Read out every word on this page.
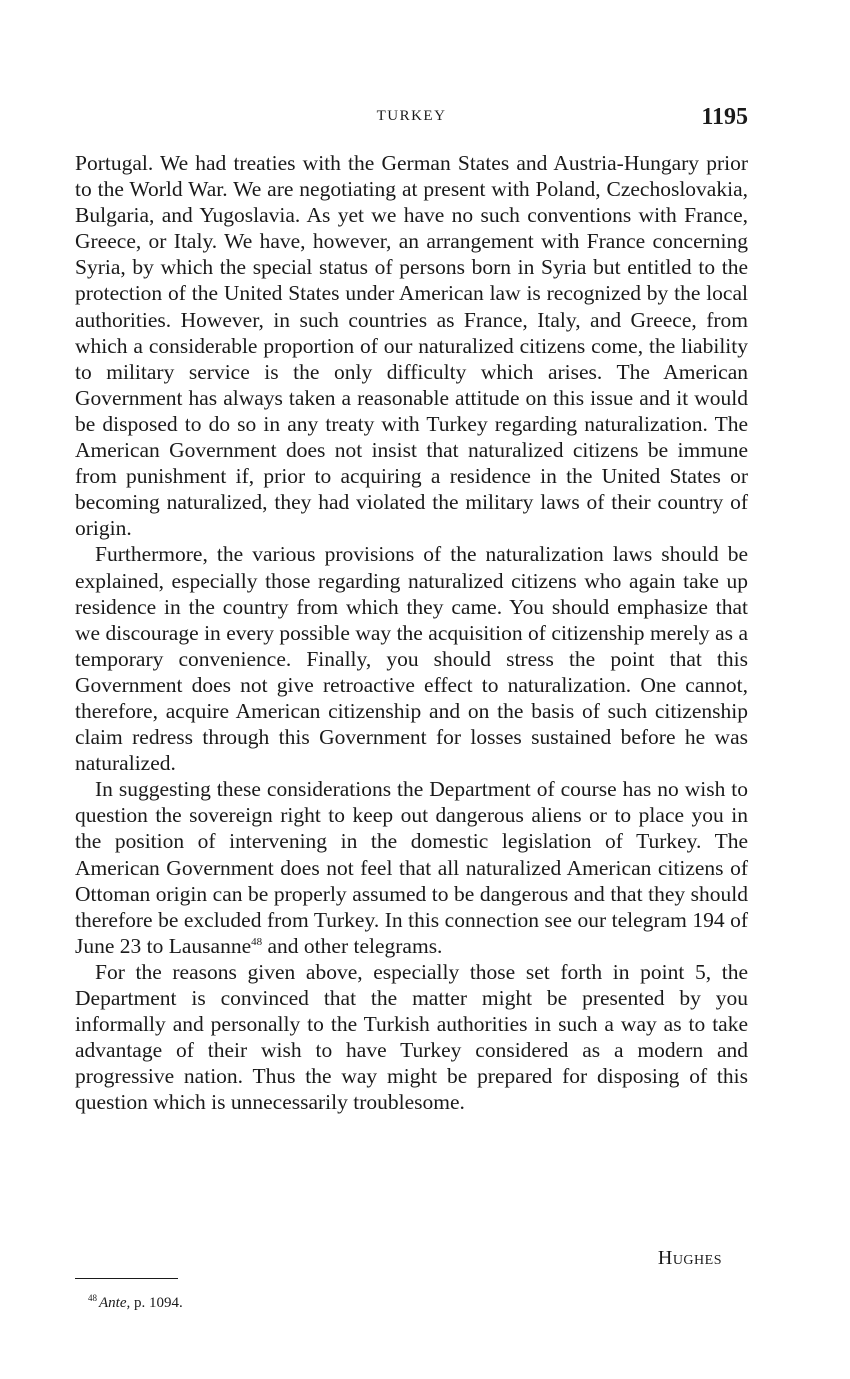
TURKEY	1195

Portugal. We had treaties with the German States and Austria-Hungary prior to the World War. We are negotiating at present with Poland, Czechoslovakia, Bulgaria, and Yugoslavia. As yet we have no such conventions with France, Greece, or Italy. We have, however, an arrangement with France concerning Syria, by which the special status of persons born in Syria but entitled to the protection of the United States under American law is recognized by the local authorities. However, in such countries as France, Italy, and Greece, from which a considerable proportion of our naturalized citizens come, the liability to military service is the only difficulty which arises. The American Government has always taken a reasonable attitude on this issue and it would be disposed to do so in any treaty with Turkey regarding naturalization. The American Government does not insist that naturalized citizens be immune from punishment if, prior to acquiring a residence in the United States or becoming naturalized, they had violated the military laws of their country of origin.

Furthermore, the various provisions of the naturalization laws should be explained, especially those regarding naturalized citizens who again take up residence in the country from which they came. You should emphasize that we discourage in every possible way the acquisition of citizenship merely as a temporary convenience. Finally, you should stress the point that this Government does not give retroactive effect to naturalization. One cannot, therefore, acquire American citizenship and on the basis of such citizenship claim redress through this Government for losses sustained before he was naturalized.

In suggesting these considerations the Department of course has no wish to question the sovereign right to keep out dangerous aliens or to place you in the position of intervening in the domestic legislation of Turkey. The American Government does not feel that all naturalized American citizens of Ottoman origin can be properly assumed to be dangerous and that they should therefore be excluded from Turkey. In this connection see our telegram 194 of June 23 to Lausanne$^{48}$ and other telegrams.

For the reasons given above, especially those set forth in point 5, the Department is convinced that the matter might be presented by you informally and personally to the Turkish authorities in such a way as to take advantage of their wish to have Turkey considered as a modern and progressive nation. Thus the way might be prepared for disposing of this question which is unnecessarily troublesome.

Hughes
$^{48}$ Ante, p. 1094.
